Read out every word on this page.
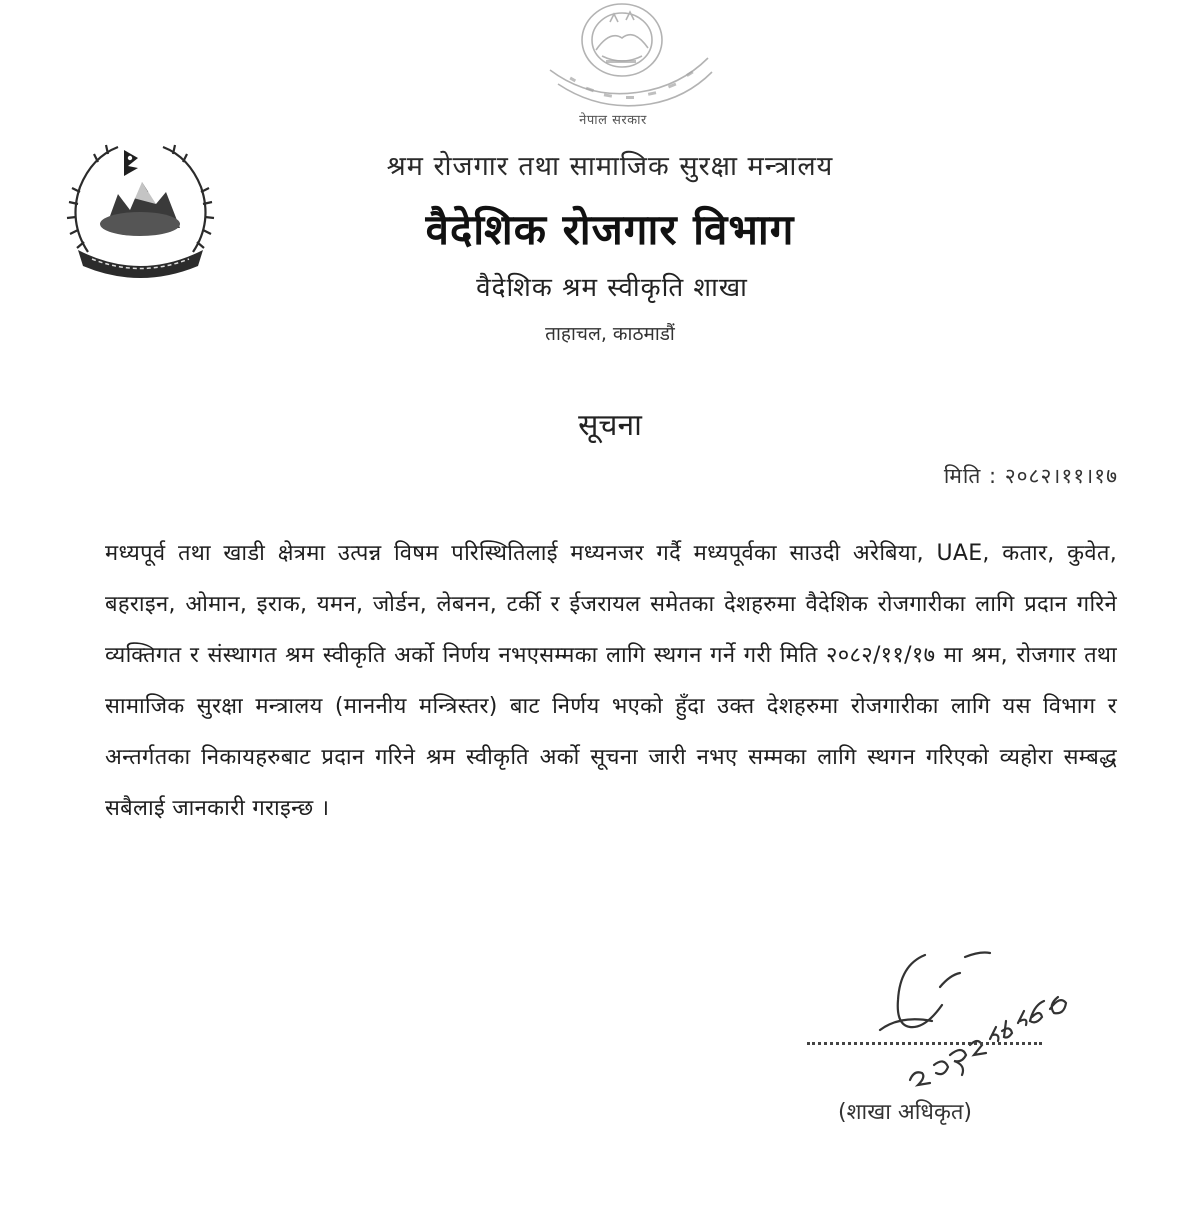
नेपाल सरकार
श्रम रोजगार तथा सामाजिक सुरक्षा मन्त्रालय
वैदेशिक रोजगार विभाग
वैदेशिक श्रम स्वीकृति शाखा
ताहाचल, काठमाडौं
सूचना
मिति : २०८२।११।१७
मध्यपूर्व तथा खाडी क्षेत्रमा उत्पन्न विषम परिस्थितिलाई मध्यनजर गर्दै मध्यपूर्वका साउदी अरेबिया, UAE, कतार, कुवेत, बहराइन, ओमान, इराक, यमन, जोर्डन, लेबनन, टर्की र ईजरायल समेतका देशहरुमा वैदेशिक रोजगारीका लागि प्रदान गरिने व्यक्तिगत र संस्थागत श्रम स्वीकृति अर्को निर्णय नभएसम्मका लागि स्थगन गर्ने गरी मिति २०८२/११/१७ मा श्रम, रोजगार तथा सामाजिक सुरक्षा मन्त्रालय (माननीय मन्त्रिस्तर) बाट निर्णय भएको हुँदा उक्त देशहरुमा रोजगारीका लागि यस विभाग र अन्तर्गतका निकायहरुबाट प्रदान गरिने श्रम स्वीकृति अर्को सूचना जारी नभए सम्मका लागि स्थगन गरिएको व्यहोरा सम्बद्ध सबैलाई जानकारी गराइन्छ ।
(शाखा अधिकृत)
